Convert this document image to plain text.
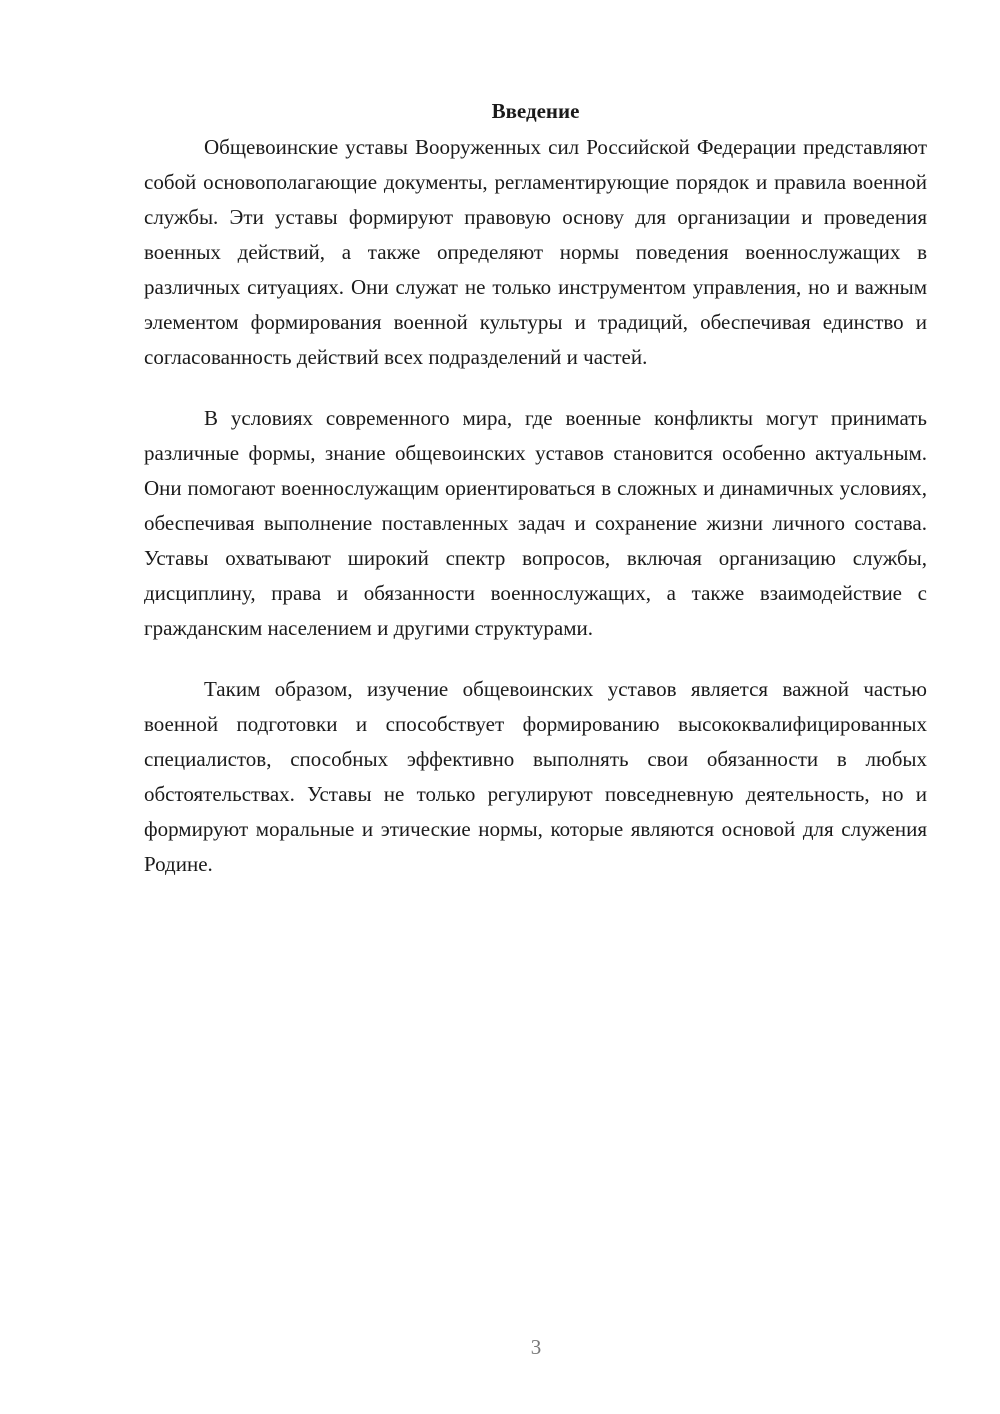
Введение

Общевоинские уставы Вооруженных сил Российской Федерации представляют собой основополагающие документы, регламентирующие порядок и правила военной службы. Эти уставы формируют правовую основу для организации и проведения военных действий, а также определяют нормы поведения военнослужащих в различных ситуациях. Они служат не только инструментом управления, но и важным элементом формирования военной культуры и традиций, обеспечивая единство и согласованность действий всех подразделений и частей.

В условиях современного мира, где военные конфликты могут принимать различные формы, знание общевоинских уставов становится особенно актуальным. Они помогают военнослужащим ориентироваться в сложных и динамичных условиях, обеспечивая выполнение поставленных задач и сохранение жизни личного состава. Уставы охватывают широкий спектр вопросов, включая организацию службы, дисциплину, права и обязанности военнослужащих, а также взаимодействие с гражданским населением и другими структурами.

Таким образом, изучение общевоинских уставов является важной частью военной подготовки и способствует формированию высококвалифицированных специалистов, способных эффективно выполнять свои обязанности в любых обстоятельствах. Уставы не только регулируют повседневную деятельность, но и формируют моральные и этические нормы, которые являются основой для служения Родине.

3
